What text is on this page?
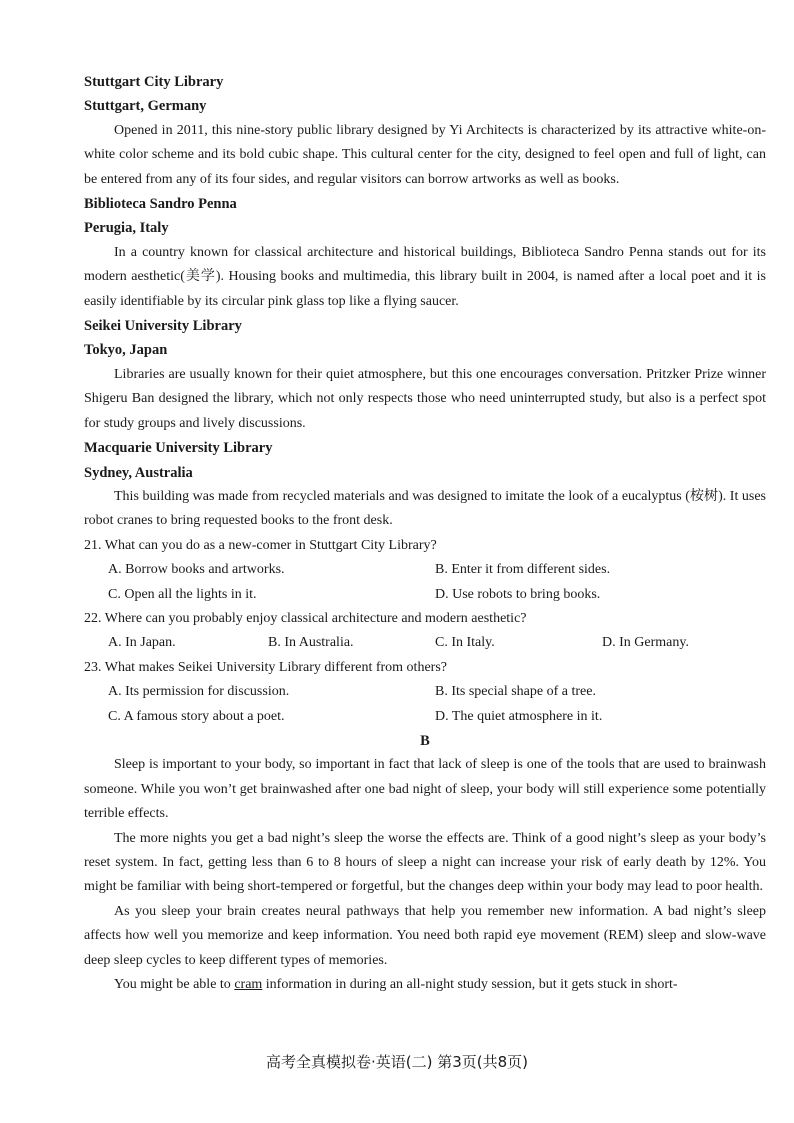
Stuttgart City Library

Stuttgart, Germany

Opened in 2011, this nine-story public library designed by Yi Architects is characterized by its attractive white-on-white color scheme and its bold cubic shape. This cultural center for the city, designed to feel open and full of light, can be entered from any of its four sides, and regular visitors can borrow artworks as well as books.

Biblioteca Sandro Penna

Perugia, Italy

In a country known for classical architecture and historical buildings, Biblioteca Sandro Penna stands out for its modern aesthetic(美学). Housing books and multimedia, this library built in 2004, is named after a local poet and it is easily identifiable by its circular pink glass top like a flying saucer.

Seikei University Library

Tokyo, Japan

Libraries are usually known for their quiet atmosphere, but this one encourages conversation. Pritzker Prize winner Shigeru Ban designed the library, which not only respects those who need uninterrupted study, but also is a perfect spot for study groups and lively discussions.

Macquarie University Library

Sydney, Australia

This building was made from recycled materials and was designed to imitate the look of a eucalyptus (桉树). It uses robot cranes to bring requested books to the front desk.

21. What can you do as a new-comer in Stuttgart City Library?

A. Borrow books and artworks.	B. Enter it from different sides.
C. Open all the lights in it.	D. Use robots to bring books.

22. Where can you probably enjoy classical architecture and modern aesthetic?

A. In Japan.	B. In Australia.	C. In Italy.	D. In Germany.

23. What makes Seikei University Library different from others?

A. Its permission for discussion.	B. Its special shape of a tree.
C. A famous story about a poet.	D. The quiet atmosphere in it.

B

Sleep is important to your body, so important in fact that lack of sleep is one of the tools that are used to brainwash someone. While you won’t get brainwashed after one bad night of sleep, your body will still experience some potentially terrible effects.

The more nights you get a bad night’s sleep the worse the effects are. Think of a good night’s sleep as your body’s reset system. In fact, getting less than 6 to 8 hours of sleep a night can increase your risk of early death by 12%. You might be familiar with being short-tempered or forgetful, but the changes deep within your body may lead to poor health.

As you sleep your brain creates neural pathways that help you remember new information. A bad night’s sleep affects how well you memorize and keep information. You need both rapid eye movement (REM) sleep and slow-wave deep sleep cycles to keep different types of memories.

You might be able to cram information in during an all-night study session, but it gets stuck in short-

高考全真模拟卷·英语(二) 第3页(共8页)
